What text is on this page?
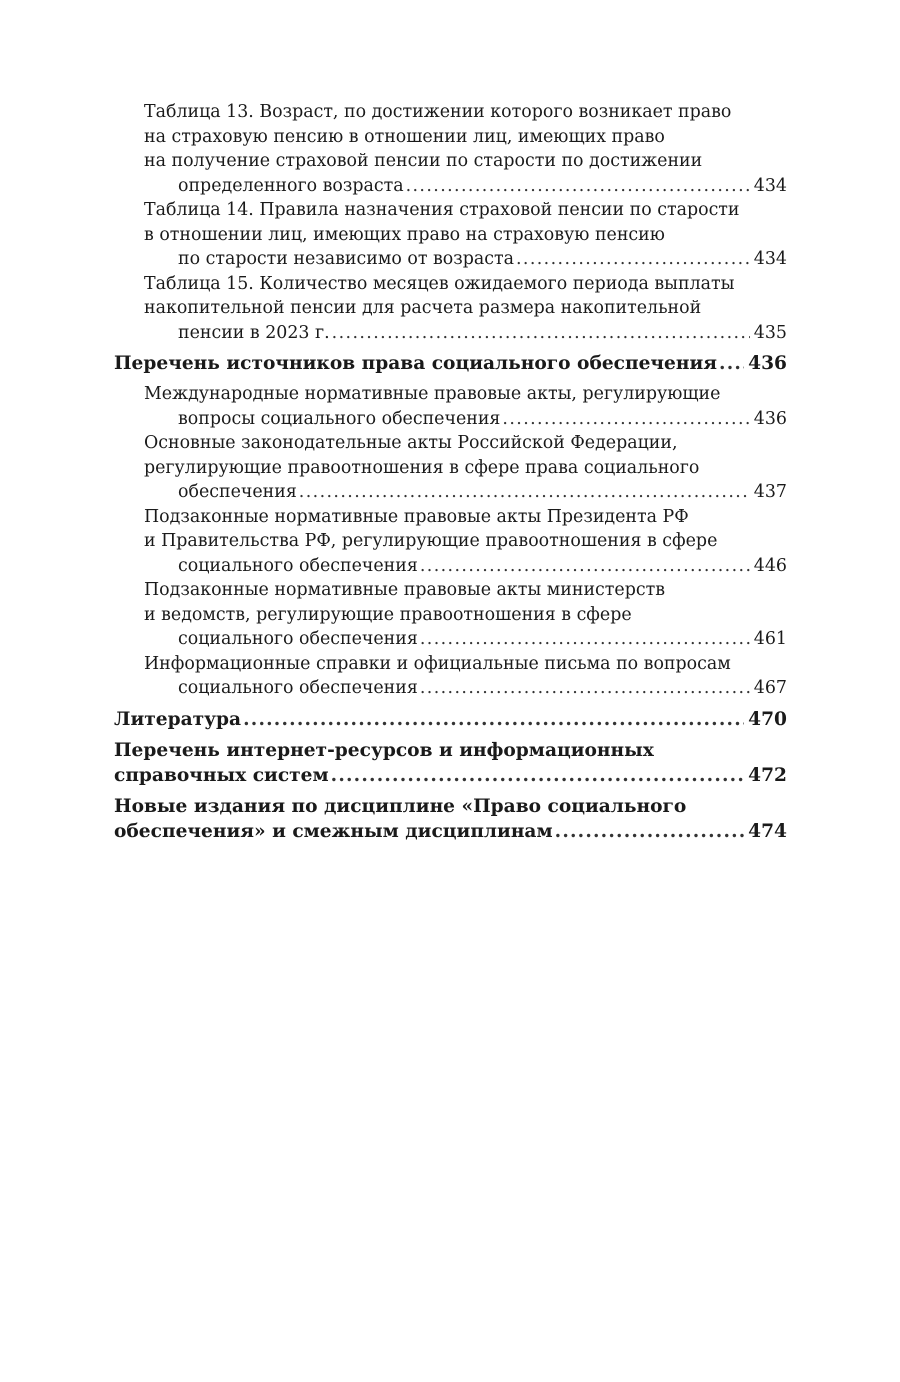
Таблица 13. Возраст, по достижении которого возникает право
на страховую пенсию в отношении лиц, имеющих право
на получение страховой пенсии по старости по достижении
определенного возраста .....	434
Таблица 14. Правила назначения страховой пенсии по старости
в отношении лиц, имеющих право на страховую пенсию
по старости независимо от возраста .....	434
Таблица 15. Количество месяцев ожидаемого периода выплаты
накопительной пенсии для расчета размера накопительной
пенсии в 2023 г. .....	435
Перечень источников права социального обеспечения ..... 436
Международные нормативные правовые акты, регулирующие
вопросы социального обеспечения .....	436
Основные законодательные акты Российской Федерации,
регулирующие правоотношения в сфере права социального
обеспечения .....	437
Подзаконные нормативные правовые акты Президента РФ
и Правительства РФ, регулирующие правоотношения в сфере
социального обеспечения .....	446
Подзаконные нормативные правовые акты министерств
и ведомств, регулирующие правоотношения в сфере
социального обеспечения .....	461
Информационные справки и официальные письма по вопросам
социального обеспечения .....	467
Литература .....	470
Перечень интернет-ресурсов и информационных
справочных систем .....	472
Новые издания по дисциплине «Право социального
обеспечения» и смежным дисциплинам .....	474
